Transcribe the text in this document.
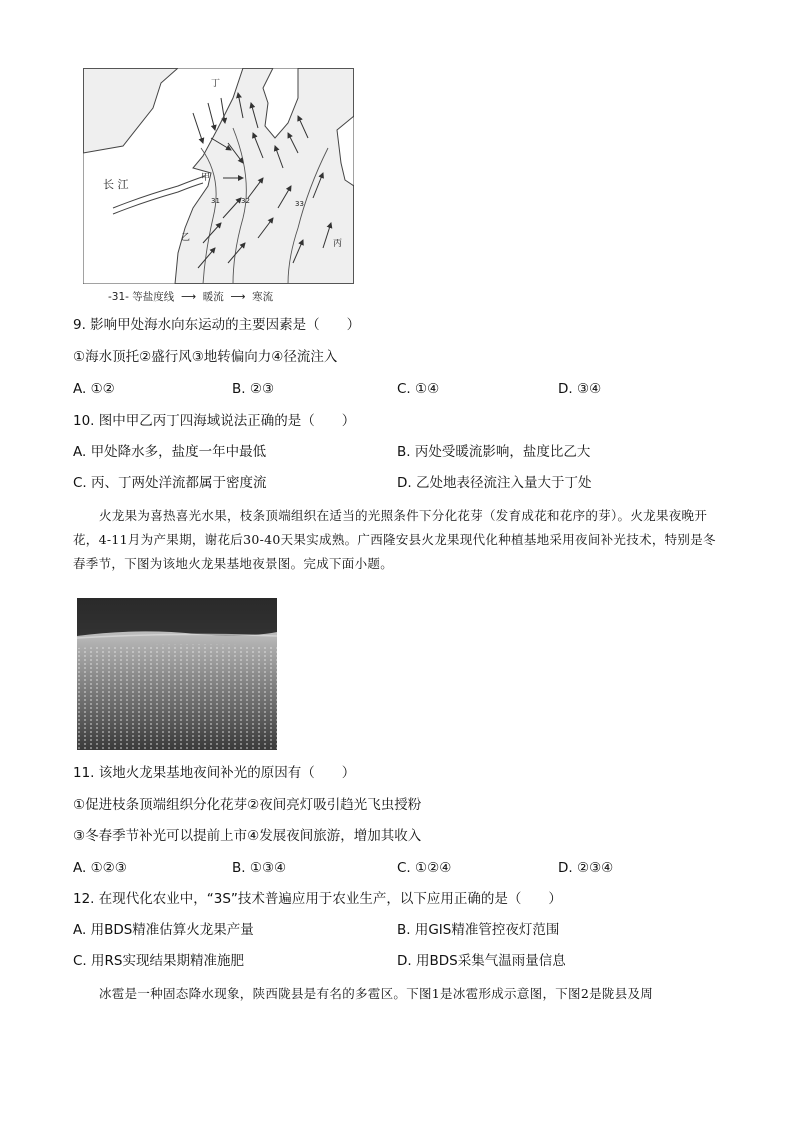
长 江	甲
乙
丙
丁
31	32	33
-31- 等盐度线  ⟶  暖流  ⟶  寒流
9. 影响甲处海水向东运动的主要因素是（　　）
①海水顶托②盛行风③地转偏向力④径流注入
A. ①②	B. ②③	C. ①④	D. ③④
10. 图中甲乙丙丁四海域说法正确的是（　　）
A. 甲处降水多，盐度一年中最低	B. 丙处受暖流影响，盐度比乙大
C. 丙、丁两处洋流都属于密度流	D. 乙处地表径流注入量大于丁处
火龙果为喜热喜光水果，枝条顶端组织在适当的光照条件下分化花芽（发育成花和花序的芽）。火龙果夜晚开花，4-11月为产果期，谢花后30-40天果实成熟。广西隆安县火龙果现代化种植基地采用夜间补光技术，特别是冬春季节，下图为该地火龙果基地夜景图。完成下面小题。
11. 该地火龙果基地夜间补光的原因有（　　）
①促进枝条顶端组织分化花芽②夜间亮灯吸引趋光飞虫授粉
③冬春季节补光可以提前上市④发展夜间旅游，增加其收入
A. ①②③	B. ①③④	C. ①②④	D. ②③④
12. 在现代化农业中，“3S”技术普遍应用于农业生产，以下应用正确的是（　　）
A. 用BDS精准估算火龙果产量	B. 用GIS精准管控夜灯范围
C. 用RS实现结果期精准施肥	D. 用BDS采集气温雨量信息
冰雹是一种固态降水现象，陕西陇县是有名的多雹区。下图1是冰雹形成示意图，下图2是陇县及周
